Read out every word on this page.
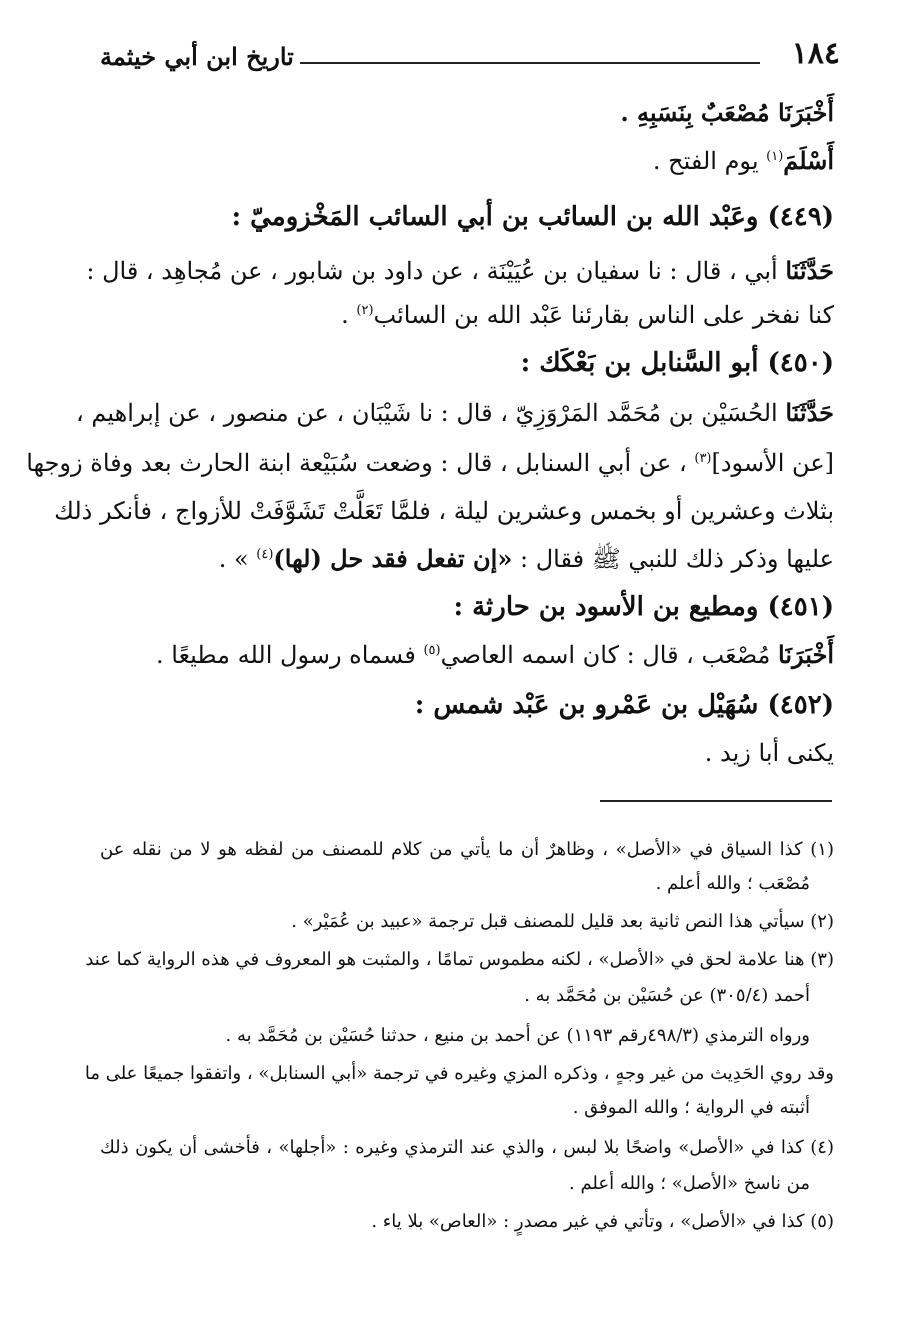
١٨٤
تاريخ ابن أبي خيثمة
أَخْبَرَنَا مُصْعَبٌ بِنَسَبِهِ .
أَسْلَمَ$^{(١)}$ يوم الفتح .
(٤٤٩) وعَبْد الله بن السائب بن أبي السائب المَخْزوميّ :
حَدَّثَنَا أبي ، قال : نا سفيان بن عُيَيْنَة ، عن داود بن شابور ، عن مُجاهِد ، قال :
كنا نفخر على الناس بقارئنا عَبْد الله بن السائب$^{(٢)}$ .
(٤٥٠) أبو السَّنابل بن بَعْكَك :
حَدَّثَنَا الحُسَيْن بن مُحَمَّد المَرْوَزِيّ ، قال : نا شَيْبَان ، عن منصور ، عن إبراهيم ،
[عن الأسود]$^{(٣)}$ ، عن أبي السنابل ، قال : وضعت سُبَيْعة ابنة الحارث بعد وفاة زوجها
بثلاث وعشرين أو بخمس وعشرين ليلة ، فلمَّا تَعَلَّتْ تَشَوَّفَتْ للأزواج ، فأنكر ذلك
عليها وذكر ذلك للنبي ﷺ فقال : «إن تفعل فقد حل (لها)$^{(٤)}$ » .
(٤٥١) ومطيع بن الأسود بن حارثة :
أَخْبَرَنَا مُصْعَب ، قال : كان اسمه العاصي$^{(٥)}$ فسماه رسول الله مطيعًا .
(٤٥٢) سُهَيْل بن عَمْرو بن عَبْد شمس :
يكنى أبا زيد .
(١) كذا السياق في «الأصل» ، وظاهرٌ أن ما يأتي من كلام للمصنف من لفظه هو لا من نقله عن
مُصْعَب ؛ والله أعلم .
(٢) سيأتي هذا النص ثانية بعد قليل للمصنف قبل ترجمة «عبيد بن عُمَيْر» .
(٣) هنا علامة لحق في «الأصل» ، لكنه مطموس تمامًا ، والمثبت هو المعروف في هذه الرواية كما عند
أحمد (٣٠٥/٤) عن حُسَيْن بن مُحَمَّد به .
ورواه الترمذي (٤٩٨/٣رقم ١١٩٣) عن أحمد بن منيع ، حدثنا حُسَيْن بن مُحَمَّد به .
وقد روي الحَدِيث من غير وجهٍ ، وذكره المزي وغيره في ترجمة «أبي السنابل» ، واتفقوا جميعًا على ما
أثبته في الرواية ؛ والله الموفق .
(٤) كذا في «الأصل» واضحًا بلا لبس ، والذي عند الترمذي وغيره : «أجلها» ، فأخشى أن يكون ذلك
من ناسخ «الأصل» ؛ والله أعلم .
(٥) كذا في «الأصل» ، وتأتي في غير مصدرٍ : «العاص» بلا ياء .
